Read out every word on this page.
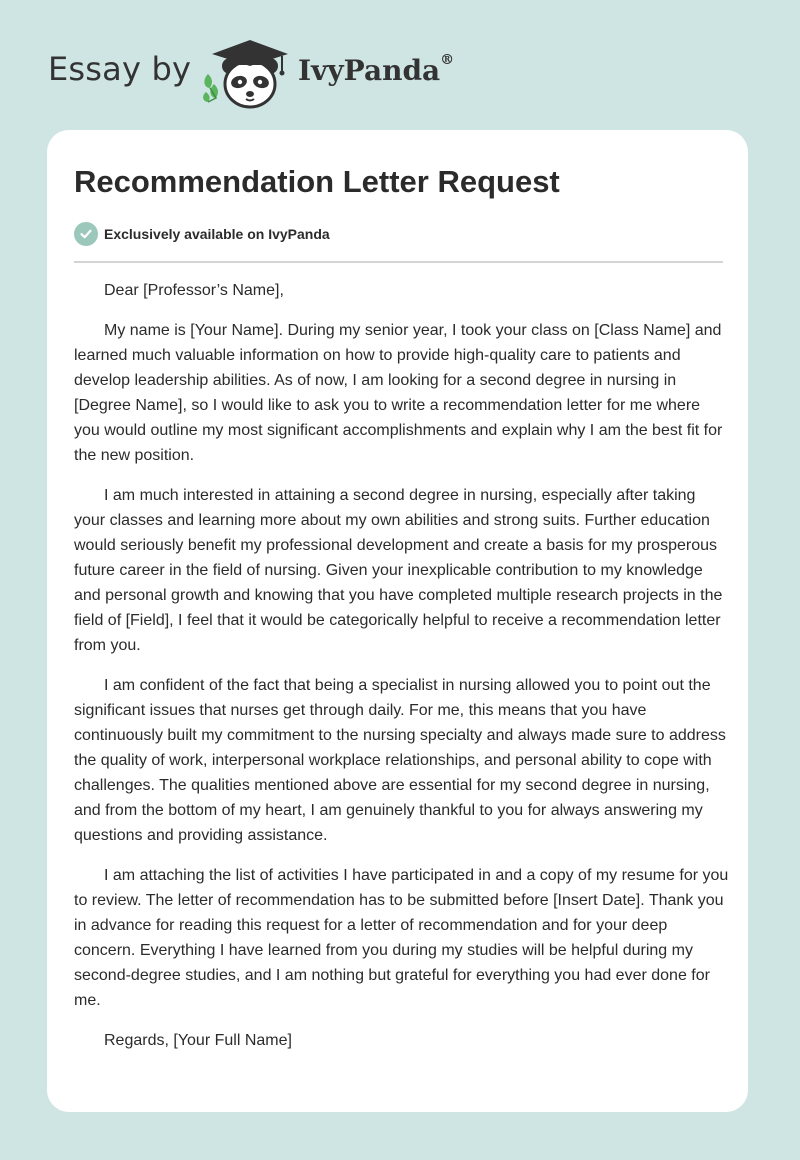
Essay by	IvyPanda®
Recommendation Letter Request
Exclusively available on IvyPanda

Dear [Professor’s Name],

My name is [Your Name]. During my senior year, I took your class on [Class Name] and learned much valuable information on how to provide high-quality care to patients and develop leadership abilities. As of now, I am looking for a second degree in nursing in [Degree Name], so I would like to ask you to write a recommendation letter for me where you would outline my most significant accomplishments and explain why I am the best fit for the new position.

I am much interested in attaining a second degree in nursing, especially after taking your classes and learning more about my own abilities and strong suits. Further education would seriously benefit my professional development and create a basis for my prosperous future career in the field of nursing. Given your inexplicable contribution to my knowledge and personal growth and knowing that you have completed multiple research projects in the field of [Field], I feel that it would be categorically helpful to receive a recommendation letter from you.

I am confident of the fact that being a specialist in nursing allowed you to point out the significant issues that nurses get through daily. For me, this means that you have continuously built my commitment to the nursing specialty and always made sure to address the quality of work, interpersonal workplace relationships, and personal ability to cope with challenges. The qualities mentioned above are essential for my second degree in nursing, and from the bottom of my heart, I am genuinely thankful to you for always answering my questions and providing assistance.

I am attaching the list of activities I have participated in and a copy of my resume for you to review. The letter of recommendation has to be submitted before [Insert Date]. Thank you in advance for reading this request for a letter of recommendation and for your deep concern. Everything I have learned from you during my studies will be helpful during my second-degree studies, and I am nothing but grateful for everything you had ever done for me.

Regards, [Your Full Name]
